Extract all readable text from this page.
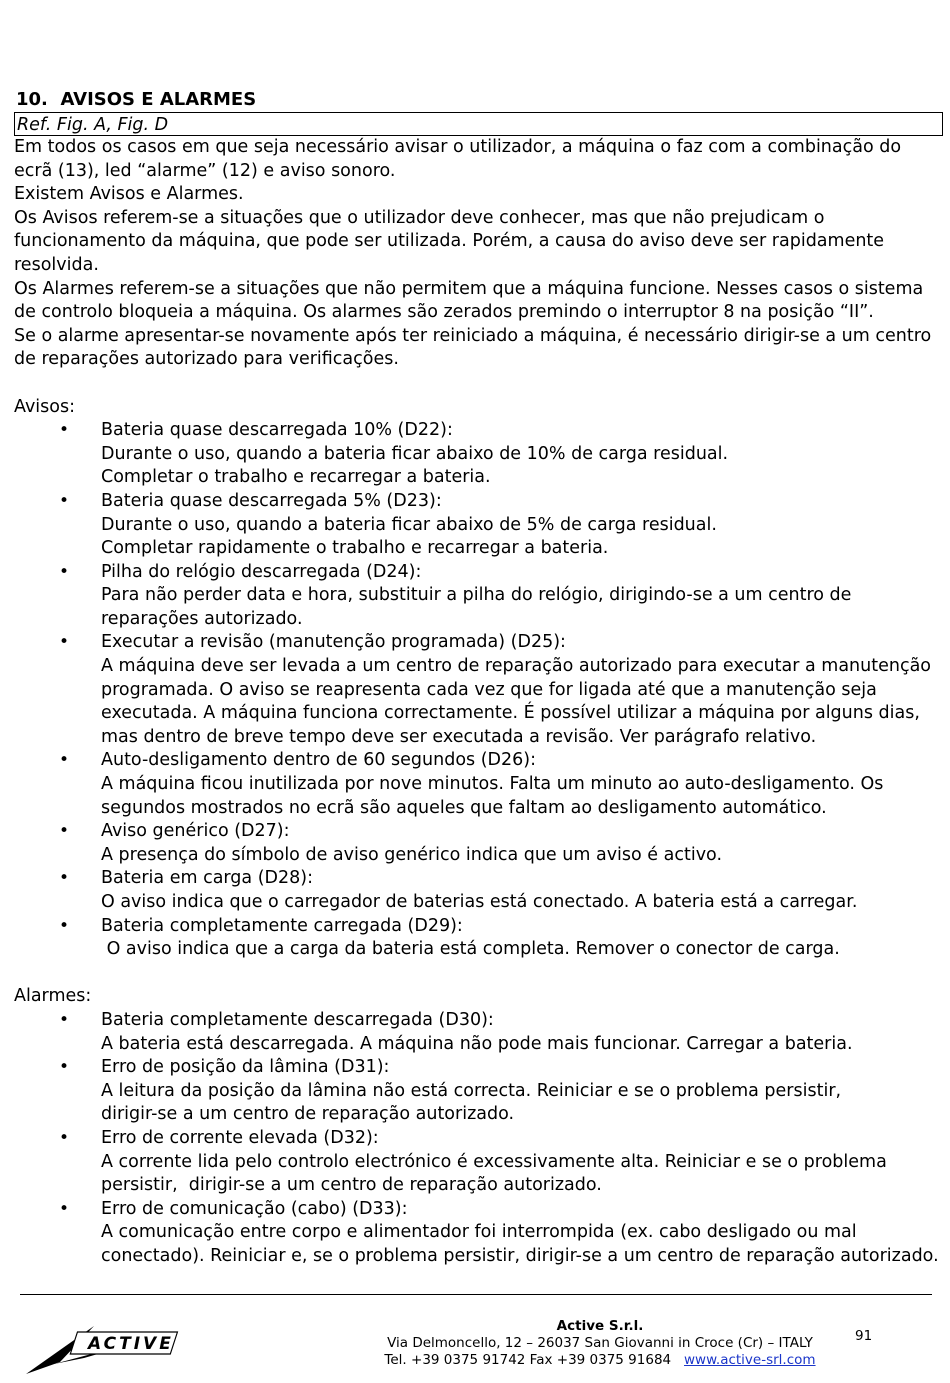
10. AVISOS E ALARMES
Ref. Fig. A, Fig. D

Em todos os casos em que seja necessário avisar o utilizador, a máquina o faz com a combinação do ecrã (13), led “alarme” (12) e aviso sonoro.

Existem Avisos e Alarmes.

Os Avisos referem-se a situações que o utilizador deve conhecer, mas que não prejudicam o funcionamento da máquina, que pode ser utilizada. Porém, a causa do aviso deve ser rapidamente resolvida.

Os Alarmes referem-se a situações que não permitem que a máquina funcione. Nesses casos o sistema de controlo bloqueia a máquina. Os alarmes são zerados premindo o interruptor 8 na posição “II”.

Se o alarme apresentar-se novamente após ter reiniciado a máquina, é necessário dirigir-se a um centro de reparações autorizado para verificações.

Avisos:

• Bateria quase descarregada 10% (D22):
Durante o uso, quando a bateria ficar abaixo de 10% de carga residual.
Completar o trabalho e recarregar a bateria.
• Bateria quase descarregada 5% (D23):
Durante o uso, quando a bateria ficar abaixo de 5% de carga residual.
Completar rapidamente o trabalho e recarregar a bateria.
• Pilha do relógio descarregada (D24):
Para não perder data e hora, substituir a pilha do relógio, dirigindo-se a um centro de
reparações autorizado.
• Executar a revisão (manutenção programada) (D25):
A máquina deve ser levada a um centro de reparação autorizado para executar a manutenção
programada. O aviso se reapresenta cada vez que for ligada até que a manutenção seja
executada. A máquina funciona correctamente. É possível utilizar a máquina por alguns dias,
mas dentro de breve tempo deve ser executada a revisão. Ver parágrafo relativo.
• Auto-desligamento dentro de 60 segundos (D26):
A máquina ficou inutilizada por nove minutos. Falta um minuto ao auto-desligamento. Os
segundos mostrados no ecrã são aqueles que faltam ao desligamento automático.
• Aviso genérico (D27):
A presença do símbolo de aviso genérico indica que um aviso é activo.
• Bateria em carga (D28):
O aviso indica que o carregador de baterias está conectado. A bateria está a carregar.
• Bateria completamente carregada (D29):
O aviso indica que a carga da bateria está completa. Remover o conector de carga.

Alarmes:

• Bateria completamente descarregada (D30):
A bateria está descarregada. A máquina não pode mais funcionar. Carregar a bateria.
• Erro de posição da lâmina (D31):
A leitura da posição da lâmina não está correcta. Reiniciar e se o problema persistir,
dirigir-se a um centro de reparação autorizado.
• Erro de corrente elevada (D32):
A corrente lida pelo controlo electrónico é excessivamente alta. Reiniciar e se o problema
persistir,  dirigir-se a um centro de reparação autorizado.
• Erro de comunicação (cabo) (D33):
A comunicação entre corpo e alimentador foi interrompida (ex. cabo desligado ou mal
conectado). Reiniciar e, se o problema persistir, dirigir-se a um centro de reparação autorizado.
ACTIVE
Active S.r.l.
Via Delmoncello, 12 – 26037 San Giovanni in Croce (Cr) – ITALY
Tel. +39 0375 91742 Fax +39 0375 91684 www.active-srl.com
91
